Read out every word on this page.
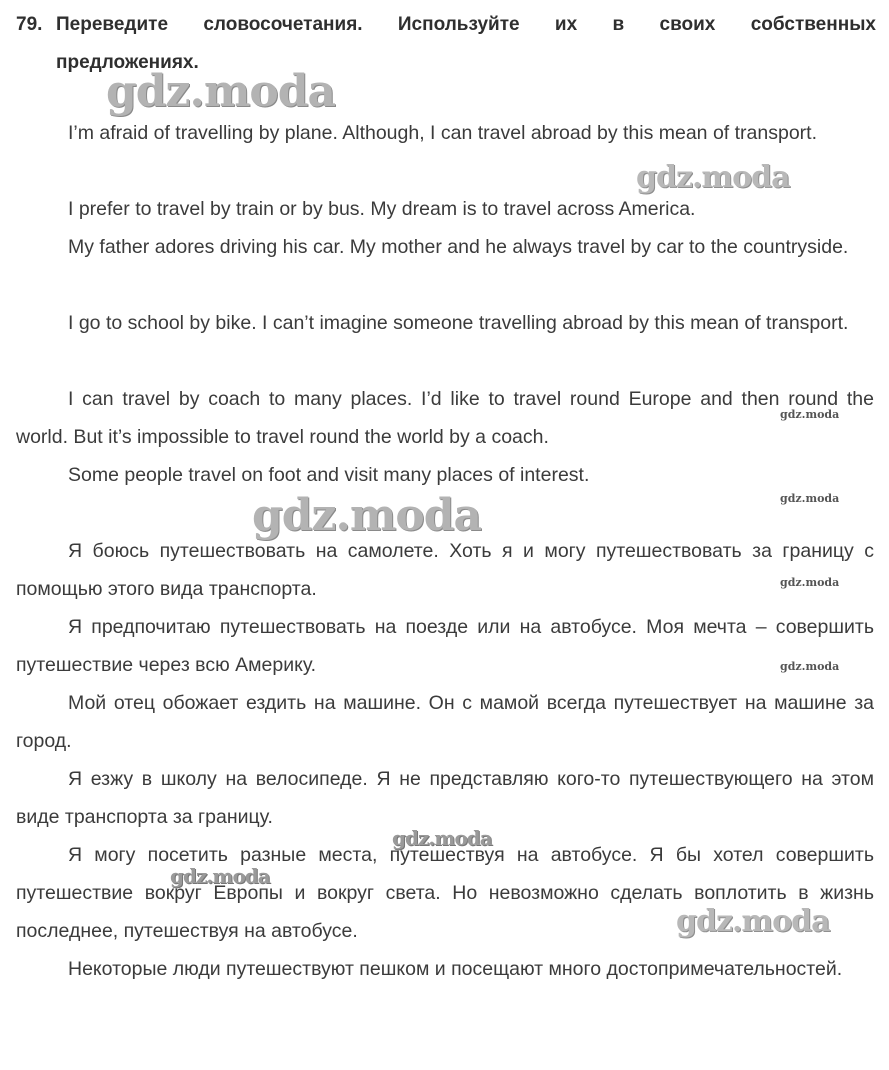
79. Переведите словосочетания. Используйте их в своих собственных
предложениях.

I’m afraid of travelling by plane. Although, I can travel abroad by this mean of transport.

I prefer to travel by train or by bus. My dream is to travel across America.

My father adores driving his car. My mother and he always travel by car to the countryside.

I go to school by bike. I can’t imagine someone travelling abroad by this mean of transport.

I can travel by coach to many places. I’d like to travel round Europe and then round the world. But it’s impossible to travel round the world by a coach.

Some people travel on foot and visit many places of interest.

Я боюсь путешествовать на самолете. Хоть я и могу путешествовать за границу с помощью этого вида транспорта.

Я предпочитаю путешествовать на поезде или на автобусе. Моя мечта – совершить путешествие через всю Америку.

Мой отец обожает ездить на машине. Он с мамой всегда путешествует на машине за город.

Я езжу в школу на велосипеде. Я не представляю кого-то путешествующего на этом виде транспорта за границу.

Я могу посетить разные места, путешествуя на автобусе. Я бы хотел совершить путешествие вокруг Европы и вокруг света. Но невозможно сделать воплотить в жизнь последнее, путешествуя на автобусе.

Некоторые люди путешествуют пешком и посещают много достопримечательностей.

gdz.moda
gdz.moda
gdz.moda
gdz.moda
gdz.moda
gdz.moda
gdz.moda
gdz.moda
gdz.moda
gdz.moda
